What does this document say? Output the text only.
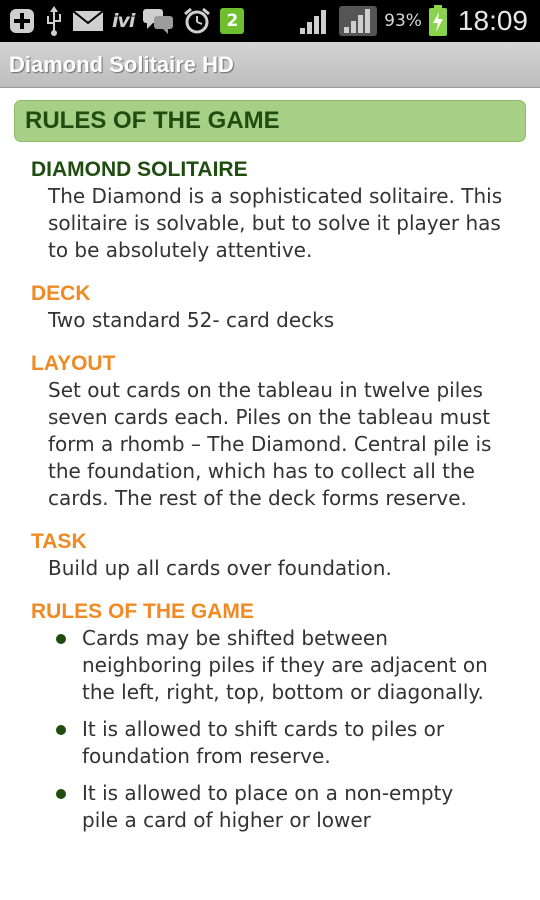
ivi	2	93% 18:09
Diamond Solitaire HD
RULES OF THE GAME
DIAMOND SOLITAIRE
The Diamond is a sophisticated solitaire. This solitaire is solvable, but to solve it player has to be absolutely attentive.
DECK
Two standard 52- card decks
LAYOUT
Set out cards on the tableau in twelve piles seven cards each. Piles on the tableau must form a rhomb – The Diamond. Central pile is the foundation, which has to collect all the cards. The rest of the deck forms reserve.
TASK
Build up all cards over foundation.
RULES OF THE GAME
Cards may be shifted between neighboring piles if they are adjacent on the left, right, top, bottom or diagonally.
It is allowed to shift cards to piles or foundation from reserve.
It is allowed to place on a non-empty pile a card of higher or lower
